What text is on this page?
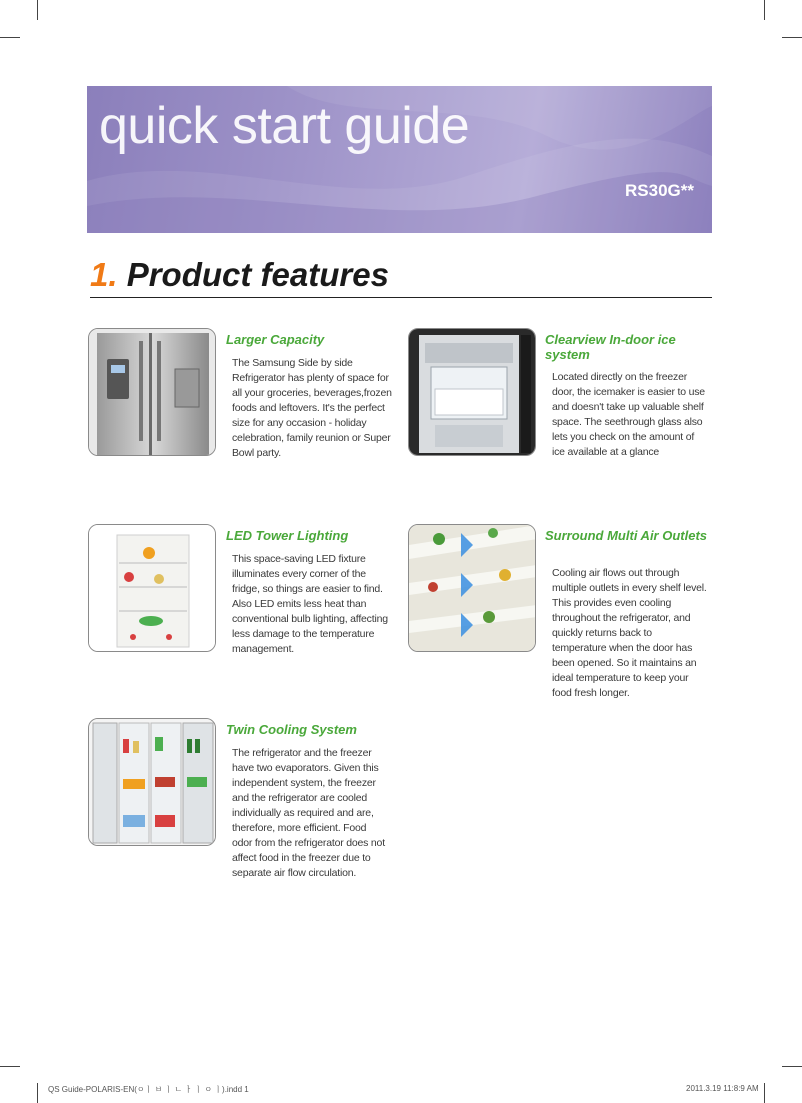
quick start guide
RS30G**
1. Product features
Larger Capacity
The Samsung Side by side Refrigerator has plenty of space for all your groceries, beverages,frozen foods and leftovers. It's the perfect size for any occasion - holiday celebration, family reunion or Super Bowl party.
Clearview In-door ice system
Located directly on the freezer door, the icemaker is easier to use and doesn't take up valuable shelf space. The seethrough glass also lets you check on the amount of ice available at a glance
LED Tower Lighting
This space-saving LED fixture illuminates every corner of the fridge, so things are easier to find. Also LED emits less heat than conventional bulb lighting, affecting less damage to the temperature management.
Surround Multi Air Outlets
Cooling air flows out through multiple outlets in every shelf level. This provides even cooling throughout the refrigerator, and quickly returns back to temperature when the door has been opened. So it maintains an ideal temperature to keep your food fresh longer.
Twin Cooling System
The refrigerator and the freezer have two evaporators. Given this independent system, the freezer and the refrigerator are cooled individually as required and are, therefore, more efficient. Food odor from the refrigerator does not affect food in the freezer due to separate air flow circulation.
QS Guide-POLARIS-EN(ㅇㅣ ㅂ ㅣ ㄴ ㅏ ㅣ ㅇ ㅣ).indd 1	2011.3.19 11:8:9 AM
